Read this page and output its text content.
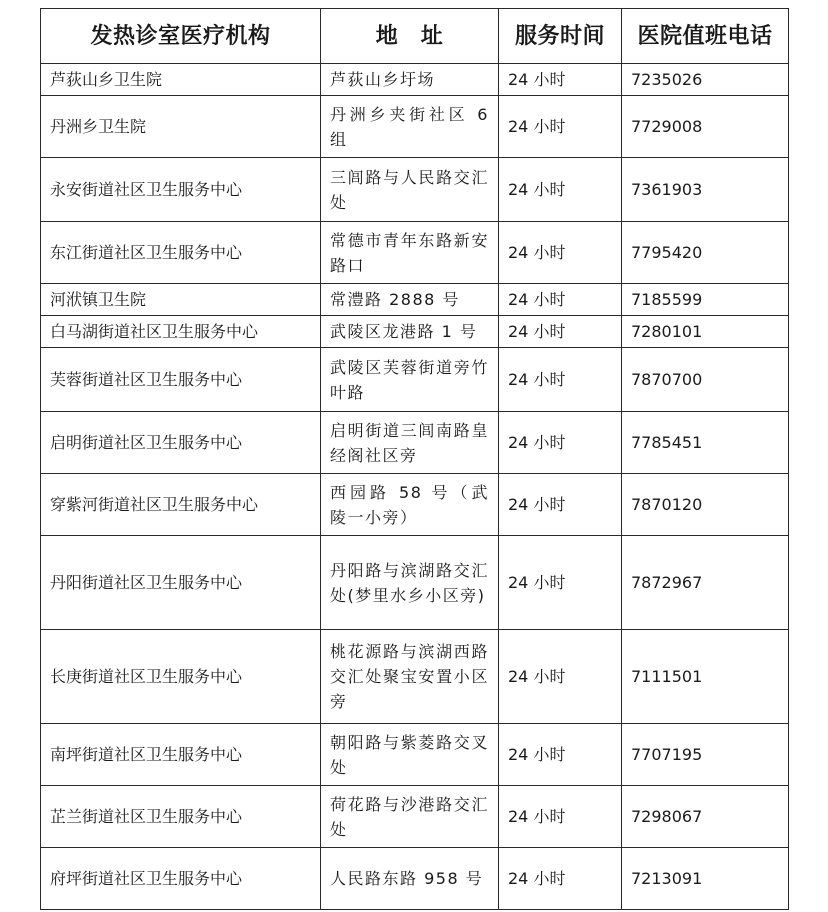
发热诊室医疗机构	地　址	服务时间	医院值班电话
芦荻山乡卫生院	芦荻山乡圩场	24 小时	7235026
丹洲乡卫生院	丹洲乡夹街社区 6 组	24 小时	7729008
永安街道社区卫生服务中心	三闾路与人民路交汇处	24 小时	7361903
东江街道社区卫生服务中心	常德市青年东路新安路口	24 小时	7795420
河洑镇卫生院	常澧路 2888 号	24 小时	7185599
白马湖街道社区卫生服务中心	武陵区龙港路 1 号	24 小时	7280101
芙蓉街道社区卫生服务中心	武陵区芙蓉街道旁竹叶路	24 小时	7870700
启明街道社区卫生服务中心	启明街道三闾南路皇经阁社区旁	24 小时	7785451
穿紫河街道社区卫生服务中心	西园路 58 号（武陵一小旁）	24 小时	7870120
丹阳街道社区卫生服务中心	丹阳路与滨湖路交汇处(梦里水乡小区旁)	24 小时	7872967
长庚街道社区卫生服务中心	桃花源路与滨湖西路交汇处聚宝安置小区旁	24 小时	7111501
南坪街道社区卫生服务中心	朝阳路与紫菱路交叉处	24 小时	7707195
芷兰街道社区卫生服务中心	荷花路与沙港路交汇处	24 小时	7298067
府坪街道社区卫生服务中心	人民路东路 958 号	24 小时	7213091
